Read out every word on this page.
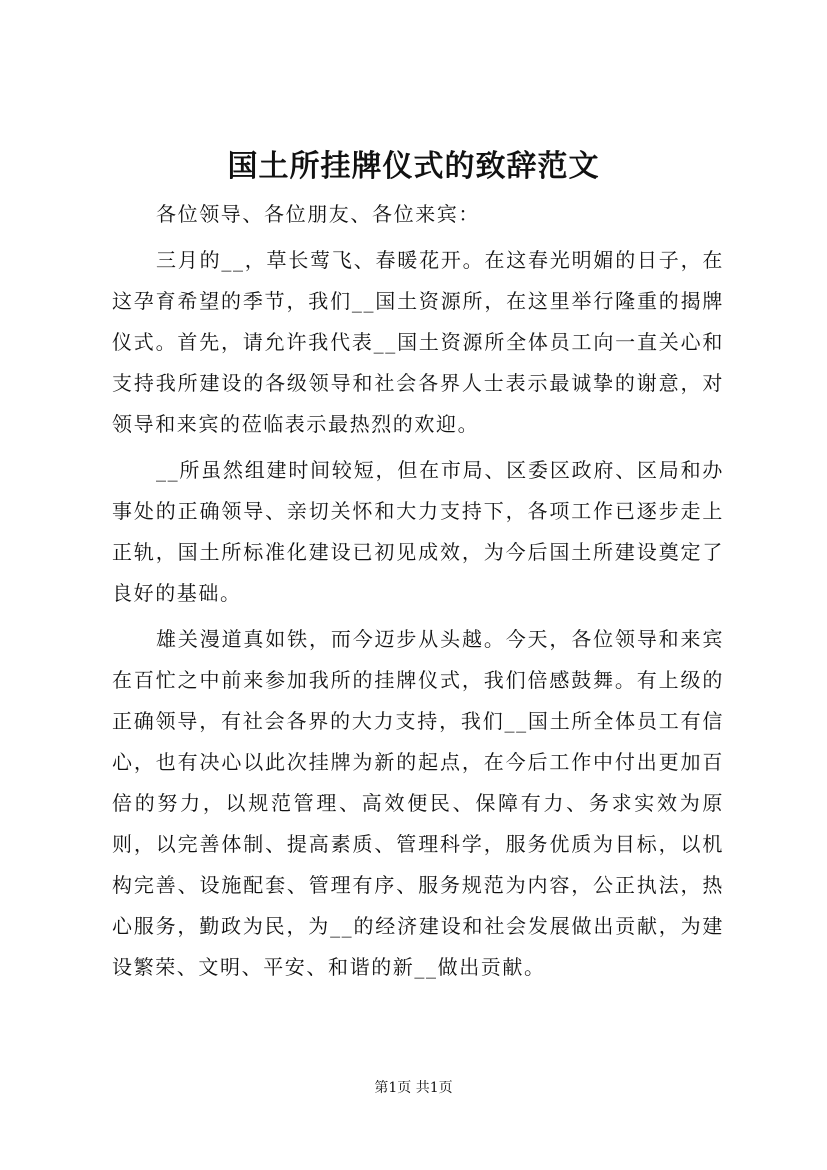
国土所挂牌仪式的致辞范文

各位领导、各位朋友、各位来宾：

三月的__，草长莺飞、春暖花开。在这春光明媚的日子，在这孕育希望的季节，我们__国土资源所，在这里举行隆重的揭牌仪式。首先，请允许我代表__国土资源所全体员工向一直关心和支持我所建设的各级领导和社会各界人士表示最诚挚的谢意，对领导和来宾的莅临表示最热烈的欢迎。

__所虽然组建时间较短，但在市局、区委区政府、区局和办事处的正确领导、亲切关怀和大力支持下，各项工作已逐步走上正轨，国土所标准化建设已初见成效，为今后国土所建设奠定了良好的基础。

雄关漫道真如铁，而今迈步从头越。今天，各位领导和来宾在百忙之中前来参加我所的挂牌仪式，我们倍感鼓舞。有上级的正确领导，有社会各界的大力支持，我们__国土所全体员工有信心，也有决心以此次挂牌为新的起点，在今后工作中付出更加百倍的努力，以规范管理、高效便民、保障有力、务求实效为原则，以完善体制、提高素质、管理科学，服务优质为目标，以机构完善、设施配套、管理有序、服务规范为内容，公正执法，热心服务，勤政为民，为__的经济建设和社会发展做出贡献，为建设繁荣、文明、平安、和谐的新__做出贡献。

第1页 共1页
